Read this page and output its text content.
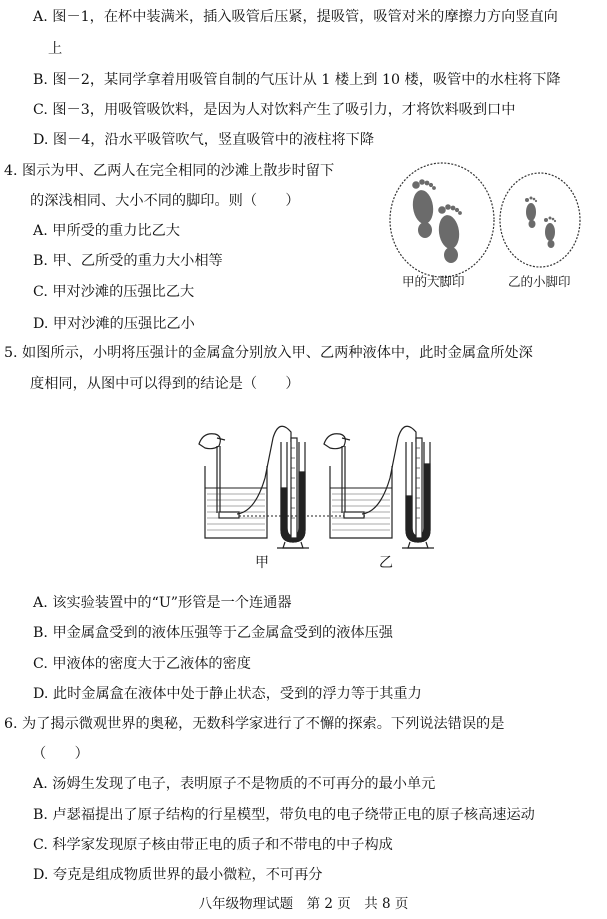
A. 图－1，在杯中装满米，插入吸管后压紧，提吸管，吸管对米的摩擦力方向竖直向
上
B. 图－2，某同学拿着用吸管自制的气压计从 1 楼上到 10 楼，吸管中的水柱将下降
C. 图－3，用吸管吸饮料，是因为人对饮料产生了吸引力，才将饮料吸到口中
D. 图－4，沿水平吸管吹气，竖直吸管中的液柱将下降
4. 图示为甲、乙两人在完全相同的沙滩上散步时留下
的深浅相同、大小不同的脚印。则（　　）
A. 甲所受的重力比乙大
B. 甲、乙所受的重力大小相等
C. 甲对沙滩的压强比乙大
D. 甲对沙滩的压强比乙小
甲的大脚印	乙的小脚印
5. 如图所示，小明将压强计的金属盒分别放入甲、乙两种液体中，此时金属盒所处深
度相同，从图中可以得到的结论是（　　）
甲	乙
A. 该实验装置中的“U”形管是一个连通器
B. 甲金属盒受到的液体压强等于乙金属盒受到的液体压强
C. 甲液体的密度大于乙液体的密度
D. 此时金属盒在液体中处于静止状态，受到的浮力等于其重力
6. 为了揭示微观世界的奥秘，无数科学家进行了不懈的探索。下列说法错误的是
（　　）
A. 汤姆生发现了电子，表明原子不是物质的不可再分的最小单元
B. 卢瑟福提出了原子结构的行星模型，带负电的电子绕带正电的原子核高速运动
C. 科学家发现原子核由带正电的质子和不带电的中子构成
D. 夸克是组成物质世界的最小微粒，不可再分
八年级物理试题　第 2 页　共 8 页
